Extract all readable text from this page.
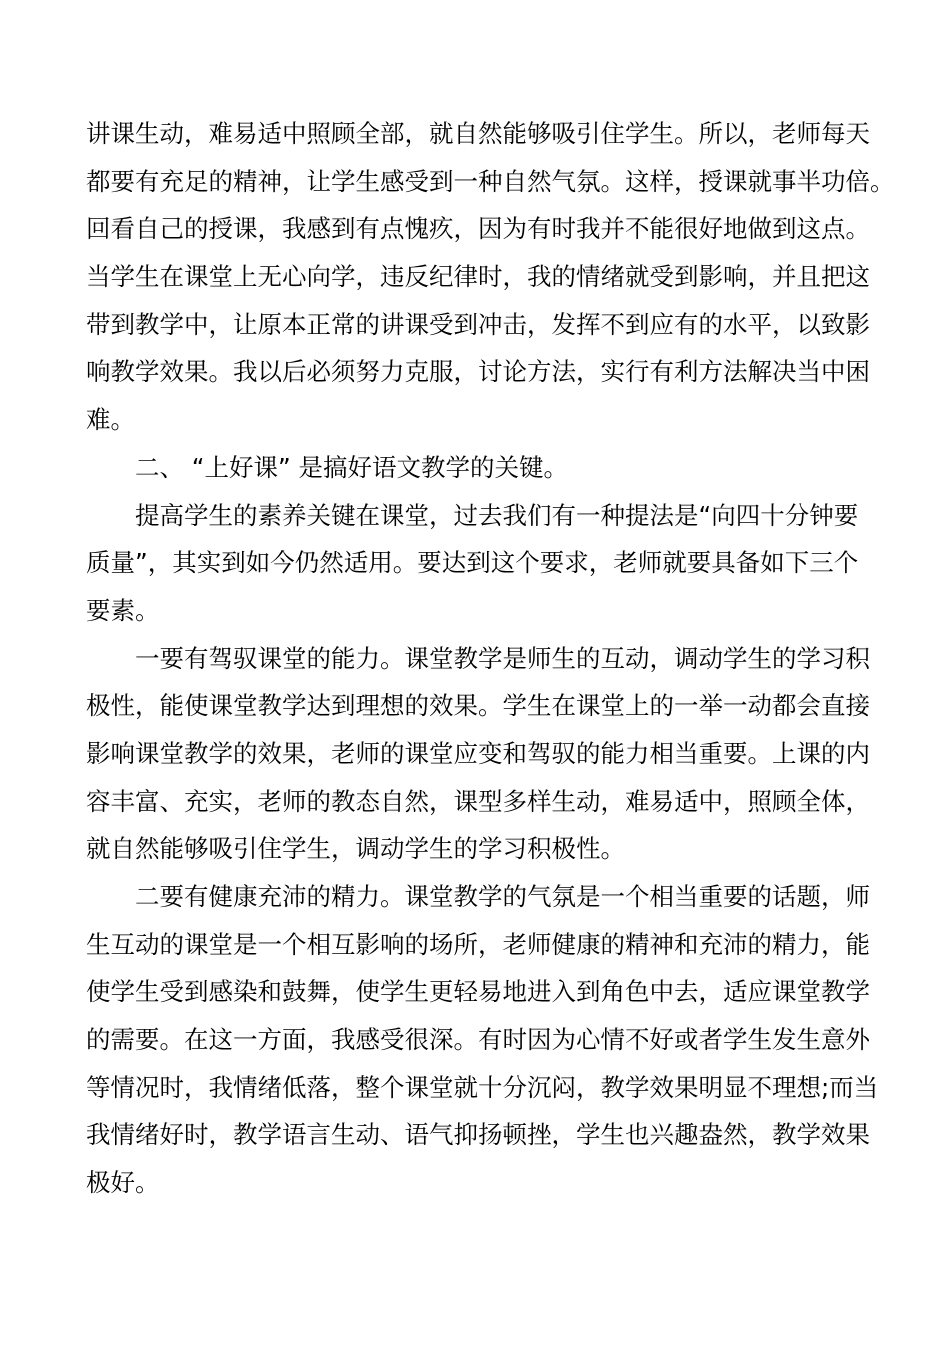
讲课生动，难易适中照顾全部，就自然能够吸引住学生。所以，老师每天
都要有充足的精神，让学生感受到一种自然气氛。这样，授课就事半功倍。
回看自己的授课，我感到有点愧疚，因为有时我并不能很好地做到这点。
当学生在课堂上无心向学，违反纪律时，我的情绪就受到影响，并且把这
带到教学中，让原本正常的讲课受到冲击，发挥不到应有的水平，以致影
响教学效果。我以后必须努力克服，讨论方法，实行有利方法解决当中困
难。
二、 “上好课” 是搞好语文教学的关键。
提高学生的素养关键在课堂，过去我们有一种提法是“向四十分钟要
质量”，其实到如今仍然适用。要达到这个要求，老师就要具备如下三个
要素。
一要有驾驭课堂的能力。课堂教学是师生的互动，调动学生的学习积
极性，能使课堂教学达到理想的效果。学生在课堂上的一举一动都会直接
影响课堂教学的效果，老师的课堂应变和驾驭的能力相当重要。上课的内
容丰富、充实，老师的教态自然，课型多样生动，难易适中，照顾全体，
就自然能够吸引住学生，调动学生的学习积极性。
二要有健康充沛的精力。课堂教学的气氛是一个相当重要的话题，师
生互动的课堂是一个相互影响的场所，老师健康的精神和充沛的精力，能
使学生受到感染和鼓舞，使学生更轻易地进入到角色中去，适应课堂教学
的需要。在这一方面，我感受很深。有时因为心情不好或者学生发生意外
等情况时，我情绪低落，整个课堂就十分沉闷，教学效果明显不理想;而当
我情绪好时，教学语言生动、语气抑扬顿挫，学生也兴趣盎然，教学效果
极好。
